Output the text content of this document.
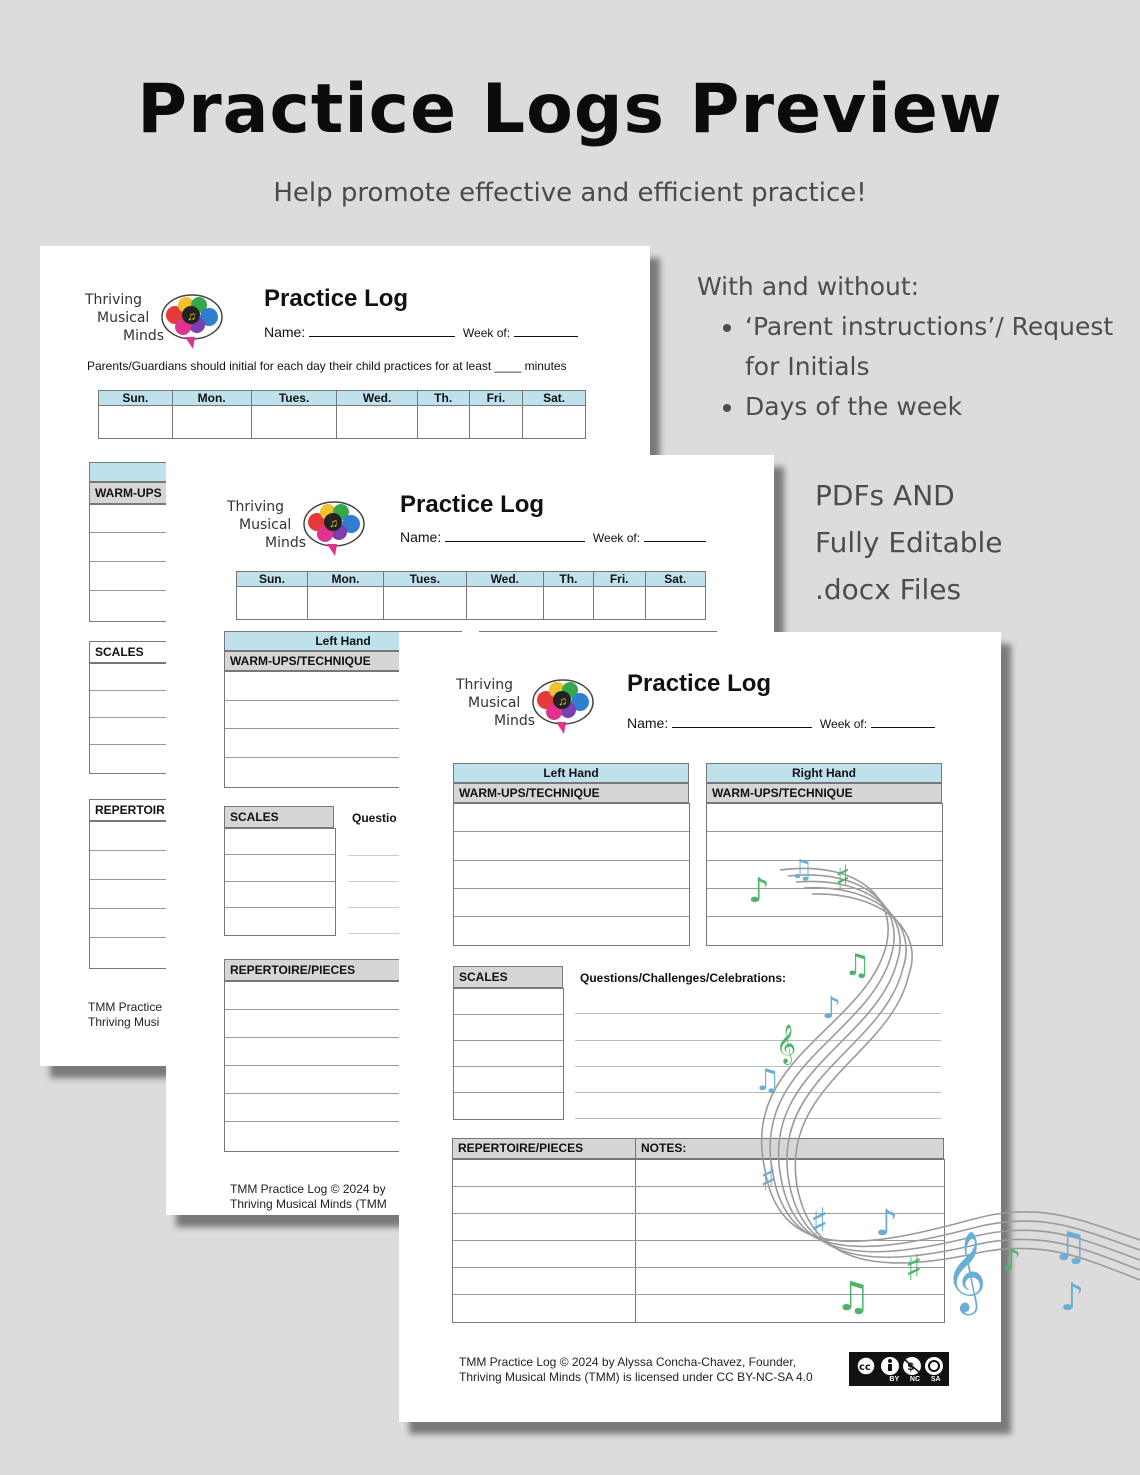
Practice Logs Preview
Help promote effective and efficient practice!
With and without:
• ‘Parent instructions’/ Request for Initials
• Days of the week
PDFs AND
Fully Editable
.docx Files
Thriving
Musical
Minds
♫
Practice Log
Name:	Week of:
Parents/Guardians should initial for each day their child practices for at least ____ minutes
Sun.	Mon.	Tues.	Wed.	Th.	Fri.	Sat.

WARM-UPS
SCALES
REPERTOIR
TMM Practice
Thriving Musi
Thriving
Musical
Minds
♫
Practice Log
Name:	Week of:
Sun.	Mon.	Tues.	Wed.	Th.	Fri.	Sat.

Left Hand
WARM-UPS/TECHNIQUE
SCALES	Questio
REPERTOIRE/PIECES
TMM Practice Log © 2024 by
Thriving Musical Minds (TMM
Thriving
Musical
Minds
♫
Practice Log
Name:	Week of:
Left Hand
WARM-UPS/TECHNIQUE
Right Hand
WARM-UPS/TECHNIQUE
SCALES	Questions/Challenges/Celebrations:
REPERTOIRE/PIECES	NOTES:
TMM Practice Log © 2024 by Alyssa Concha-Chavez, Founder,
Thriving Musical Minds (TMM) is licensed under CC BY-NC-SA 4.0
cc	$
BY NC SA
♪
♫ ♯
♫
♪
𝄞
♫
♯
♯
♫
♪
♯ 𝄞 ♪ ♫
♪
